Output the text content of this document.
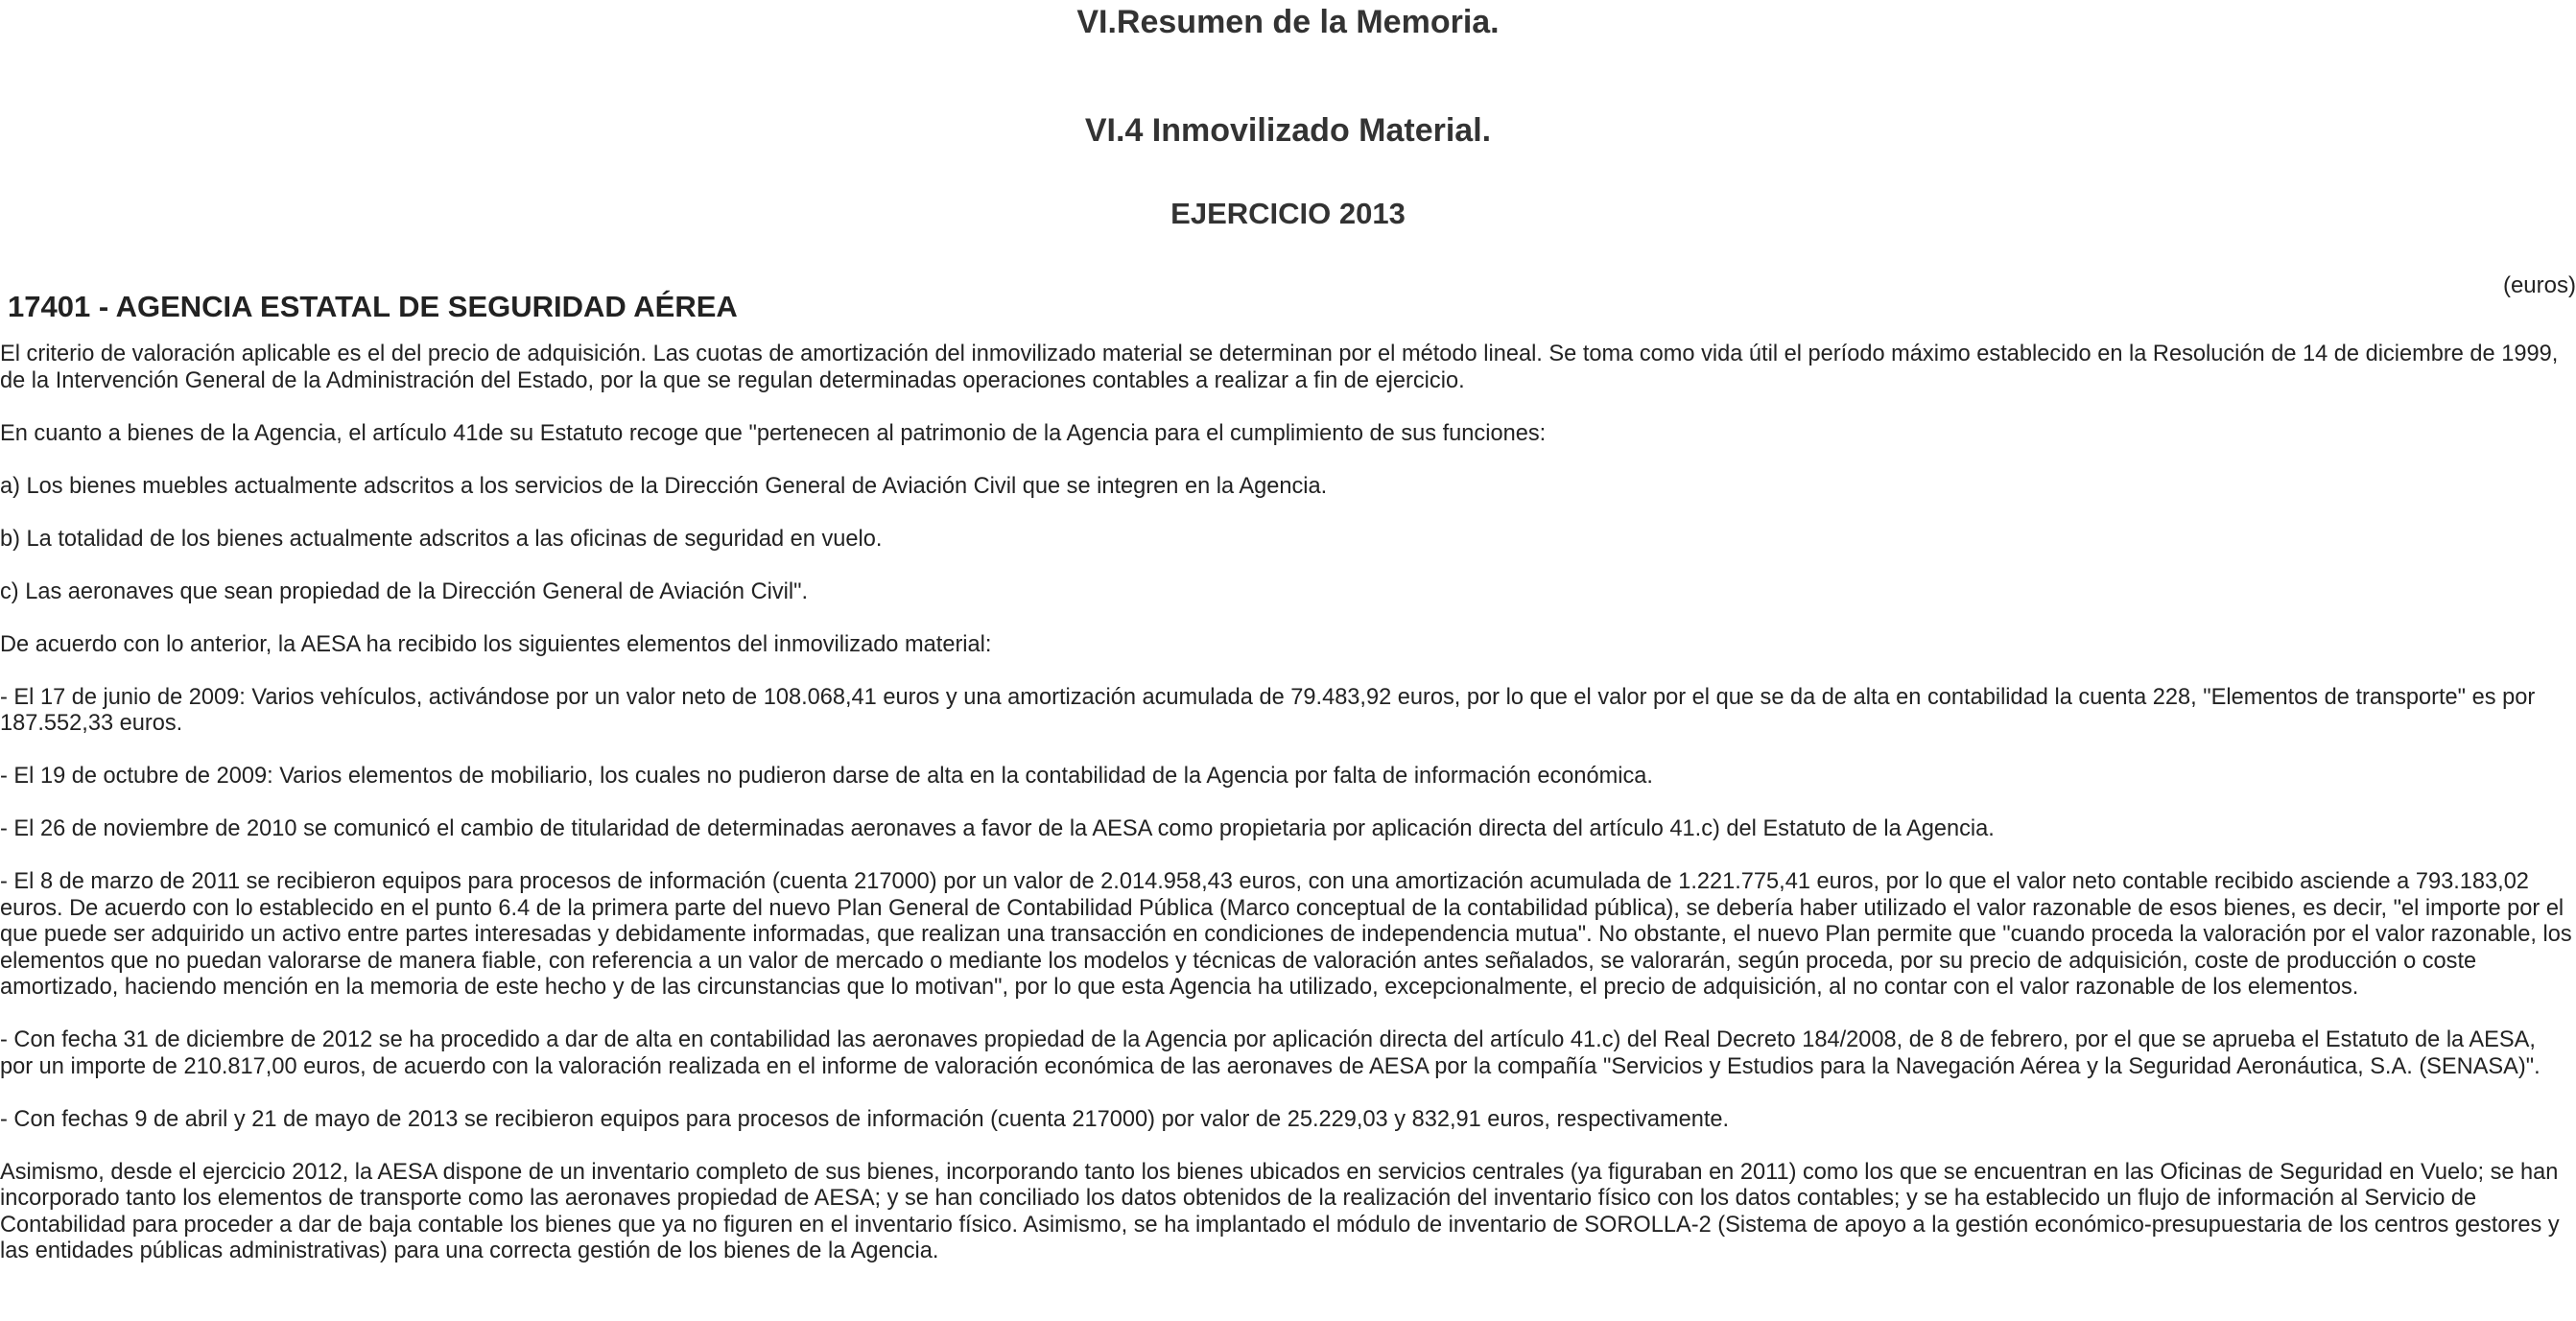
VI.Resumen de la Memoria.
VI.4 Inmovilizado Material.
EJERCICIO 2013
(euros)
17401 - AGENCIA ESTATAL DE SEGURIDAD AÉREA

El criterio de valoración aplicable es el del precio de adquisición. Las cuotas de amortización del inmovilizado material se determinan por el método lineal. Se toma como vida útil el período máximo establecido en la Resolución de 14 de diciembre de 1999, de la Intervención General de la Administración del Estado, por la que se regulan determinadas operaciones contables a realizar a fin de ejercicio.

En cuanto a bienes de la Agencia, el artículo 41de su Estatuto recoge que "pertenecen al patrimonio de la Agencia para el cumplimiento de sus funciones:

a) Los bienes muebles actualmente adscritos a los servicios de la Dirección General de Aviación Civil que se integren en la Agencia.

b) La totalidad de los bienes actualmente adscritos a las oficinas de seguridad en vuelo.

c) Las aeronaves que sean propiedad de la Dirección General de Aviación Civil".

De acuerdo con lo anterior, la AESA ha recibido los siguientes elementos del inmovilizado material:

- El 17 de junio de 2009: Varios vehículos, activándose por un valor neto de 108.068,41 euros y una amortización acumulada de 79.483,92 euros, por lo que el valor por el que se da de alta en contabilidad la cuenta 228, "Elementos de transporte" es por 187.552,33 euros.

- El 19 de octubre de 2009: Varios elementos de mobiliario, los cuales no pudieron darse de alta en la contabilidad de la Agencia por falta de información económica.

- El 26 de noviembre de 2010 se comunicó el cambio de titularidad de determinadas aeronaves a favor de la AESA como propietaria por aplicación directa del artículo 41.c) del Estatuto de la Agencia.

- El 8 de marzo de 2011 se recibieron equipos para procesos de información (cuenta 217000) por un valor de 2.014.958,43 euros, con una amortización acumulada de 1.221.775,41 euros, por lo que el valor neto contable recibido asciende a 793.183,02 euros. De acuerdo con lo establecido en el punto 6.4 de la primera parte del nuevo Plan General de Contabilidad Pública (Marco conceptual de la contabilidad pública), se debería haber utilizado el valor razonable de esos bienes, es decir, "el importe por el que puede ser adquirido un activo entre partes interesadas y debidamente informadas, que realizan una transacción en condiciones de independencia mutua". No obstante, el nuevo Plan permite que "cuando proceda la valoración por el valor razonable, los elementos que no puedan valorarse de manera fiable, con referencia a un valor de mercado o mediante los modelos y técnicas de valoración antes señalados, se valorarán, según proceda, por su precio de adquisición, coste de producción o coste amortizado, haciendo mención en la memoria de este hecho y de las circunstancias que lo motivan", por lo que esta Agencia ha utilizado, excepcionalmente, el precio de adquisición, al no contar con el valor razonable de los elementos.

- Con fecha 31 de diciembre de 2012 se ha procedido a dar de alta en contabilidad las aeronaves propiedad de la Agencia por aplicación directa del artículo 41.c) del Real Decreto 184/2008, de 8 de febrero, por el que se aprueba el Estatuto de la AESA, por un importe de 210.817,00 euros, de acuerdo con la valoración realizada en el informe de valoración económica de las aeronaves de AESA por la compañía "Servicios y Estudios para la Navegación Aérea y la Seguridad Aeronáutica, S.A. (SENASA)".

- Con fechas 9 de abril y 21 de mayo de 2013 se recibieron equipos para procesos de información (cuenta 217000) por valor de 25.229,03 y 832,91 euros, respectivamente.

Asimismo, desde el ejercicio 2012, la AESA dispone de un inventario completo de sus bienes, incorporando tanto los bienes ubicados en servicios centrales (ya figuraban en 2011) como los que se encuentran en las Oficinas de Seguridad en Vuelo; se han incorporado tanto los elementos de transporte como las aeronaves propiedad de AESA; y se han conciliado los datos obtenidos de la realización del inventario físico con los datos contables; y se ha establecido un flujo de información al Servicio de Contabilidad para proceder a dar de baja contable los bienes que ya no figuren en el inventario físico. Asimismo, se ha implantado el módulo de inventario de SOROLLA-2 (Sistema de apoyo a la gestión económico-presupuestaria de los centros gestores y las entidades públicas administrativas) para una correcta gestión de los bienes de la Agencia.
